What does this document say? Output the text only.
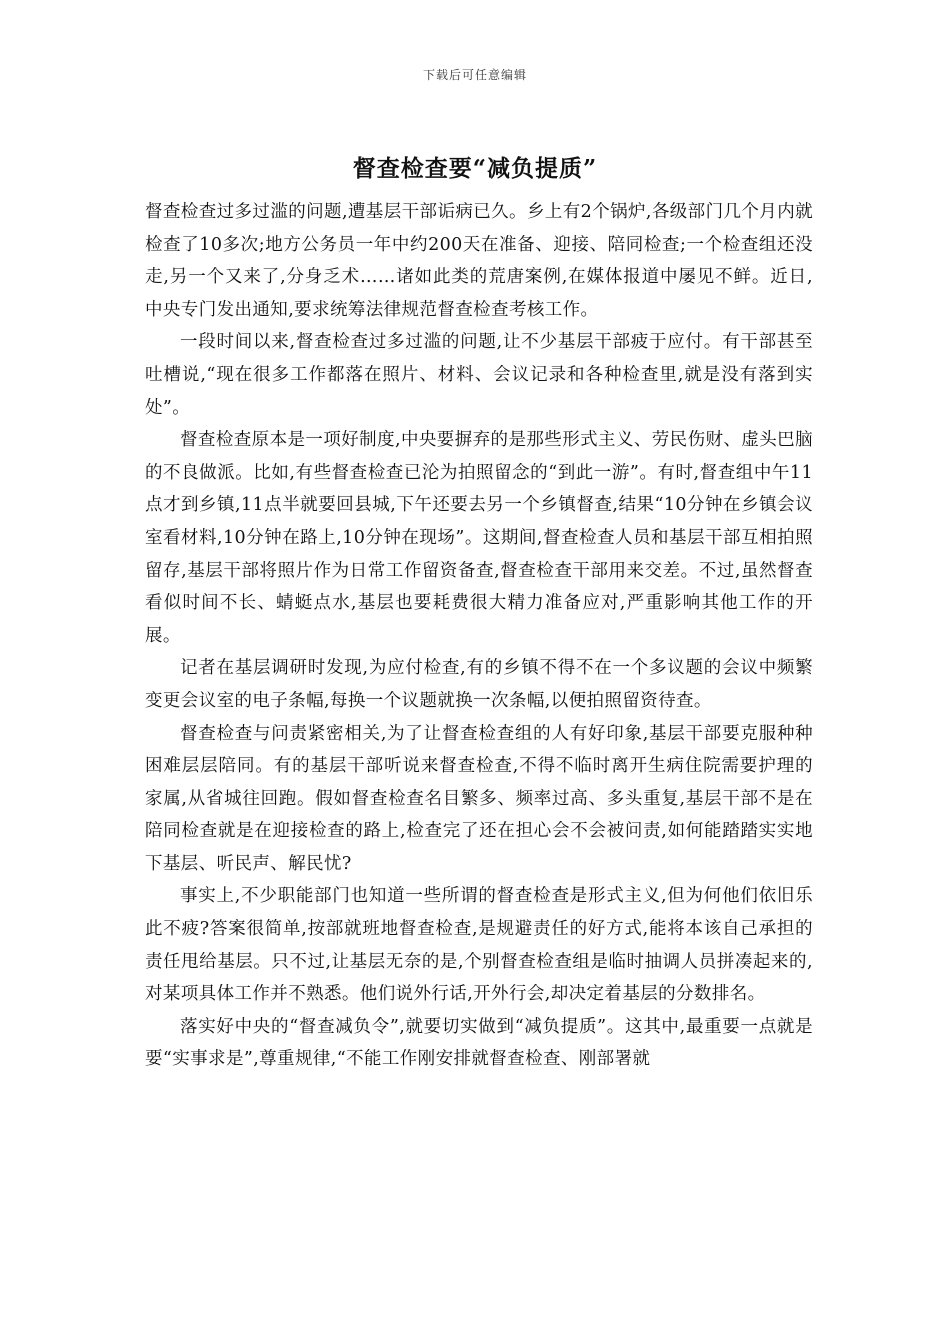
下载后可任意编辑
督查检查要“减负提质”

督查检查过多过滥的问题,遭基层干部诟病已久。乡上有2个锅炉,各级部门几个月内就检查了10多次;地方公务员一年中约200天在准备、迎接、陪同检查;一个检查组还没走,另一个又来了,分身乏术……诸如此类的荒唐案例,在媒体报道中屡见不鲜。近日,中央专门发出通知,要求统筹法律规范督查检查考核工作。

一段时间以来,督查检查过多过滥的问题,让不少基层干部疲于应付。有干部甚至吐槽说,“现在很多工作都落在照片、材料、会议记录和各种检查里,就是没有落到实处”。

督查检查原本是一项好制度,中央要摒弃的是那些形式主义、劳民伤财、虚头巴脑的不良做派。比如,有些督查检查已沦为拍照留念的“到此一游”。有时,督查组中午11点才到乡镇,11点半就要回县城,下午还要去另一个乡镇督查,结果“10分钟在乡镇会议室看材料,10分钟在路上,10分钟在现场”。这期间,督查检查人员和基层干部互相拍照留存,基层干部将照片作为日常工作留资备查,督查检查干部用来交差。不过,虽然督查看似时间不长、蜻蜓点水,基层也要耗费很大精力准备应对,严重影响其他工作的开展。

记者在基层调研时发现,为应付检查,有的乡镇不得不在一个多议题的会议中频繁变更会议室的电子条幅,每换一个议题就换一次条幅,以便拍照留资待查。

督查检查与问责紧密相关,为了让督查检查组的人有好印象,基层干部要克服种种困难层层陪同。有的基层干部听说来督查检查,不得不临时离开生病住院需要护理的家属,从省城往回跑。假如督查检查名目繁多、频率过高、多头重复,基层干部不是在陪同检查就是在迎接检查的路上,检查完了还在担心会不会被问责,如何能踏踏实实地下基层、听民声、解民忧?

事实上,不少职能部门也知道一些所谓的督查检查是形式主义,但为何他们依旧乐此不疲?答案很简单,按部就班地督查检查,是规避责任的好方式,能将本该自己承担的责任甩给基层。只不过,让基层无奈的是,个别督查检查组是临时抽调人员拼凑起来的,对某项具体工作并不熟悉。他们说外行话,开外行会,却决定着基层的分数排名。

落实好中央的“督查减负令”,就要切实做到“减负提质”。这其中,最重要一点就是要“实事求是”,尊重规律,“不能工作刚安排就督查检查、刚部署就
